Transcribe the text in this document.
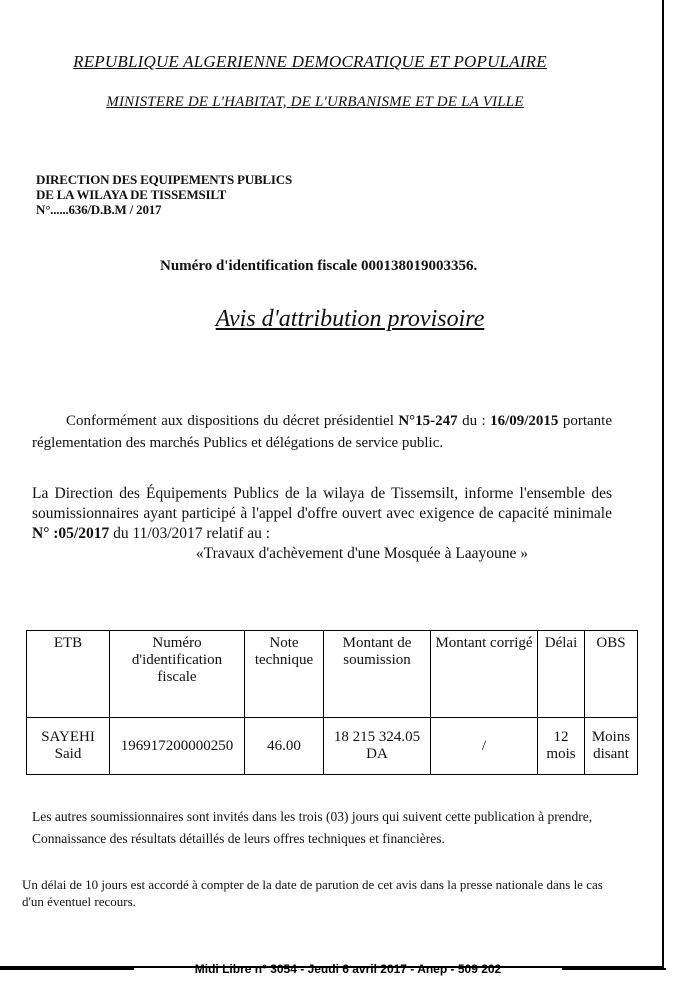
REPUBLIQUE ALGERIENNE DEMOCRATIQUE ET POPULAIRE
MINISTERE DE L'HABITAT, DE L'URBANISME ET DE LA VILLE
DIRECTION DES EQUIPEMENTS PUBLICS
DE LA WILAYA DE TISSEMSILT
N°......636/D.B.M / 2017
Numéro d'identification fiscale 000138019003356.
Avis d'attribution provisoire
Conformément aux dispositions du décret présidentiel N°15-247 du : 16/09/2015 portante réglementation des marchés Publics et délégations de service public.
La Direction des Équipements Publics de la wilaya de Tissemsilt, informe l'ensemble des soumissionnaires ayant participé à l'appel d'offre ouvert avec exigence de capacité minimale N° :05/2017 du 11/03/2017 relatif au :
«Travaux d'achèvement d'une Mosquée à Laayoune »
ETB	Numéro d'identification fiscale	Note technique	Montant de soumission	Montant corrigé	Délai	OBS
SAYEHI Said	196917200000250	46.00	18 215 324.05 DA	/	12 mois	Moins disant
Les autres soumissionnaires sont invités dans les trois (03) jours qui suivent cette publication à prendre, Connaissance des résultats détaillés de leurs offres techniques et financières.
Un délai de 10 jours est accordé à compter de la date de parution de cet avis dans la presse nationale dans le cas d'un éventuel recours.
Midi Libre n° 3054 - Jeudi 6 avril 2017 - Anep - 509 202
